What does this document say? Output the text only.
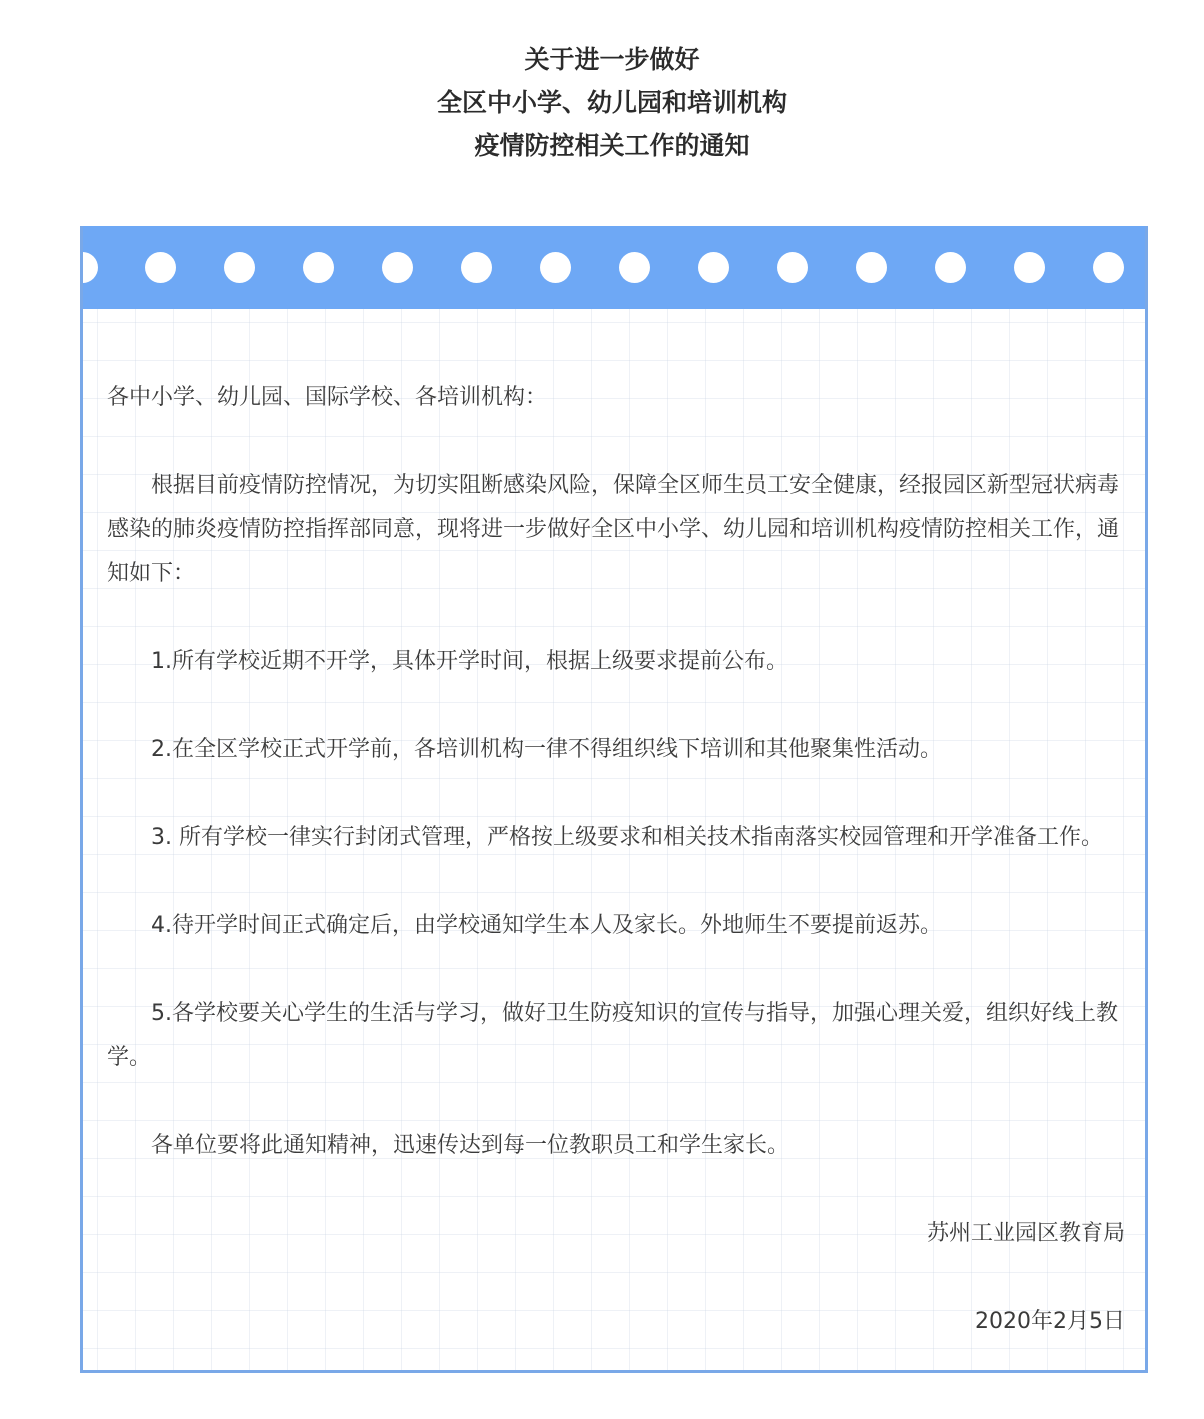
关于进一步做好
全区中小学、幼儿园和培训机构
疫情防控相关工作的通知

各中小学、幼儿园、国际学校、各培训机构：

根据目前疫情防控情况，为切实阻断感染风险，保障全区师生员工安全健康，经报园区新型冠状病毒感染的肺炎疫情防控指挥部同意，现将进一步做好全区中小学、幼儿园和培训机构疫情防控相关工作，通知如下：

1.所有学校近期不开学，具体开学时间，根据上级要求提前公布。

2.在全区学校正式开学前，各培训机构一律不得组织线下培训和其他聚集性活动。

3. 所有学校一律实行封闭式管理，严格按上级要求和相关技术指南落实校园管理和开学准备工作。

4.待开学时间正式确定后，由学校通知学生本人及家长。外地师生不要提前返苏。

5.各学校要关心学生的生活与学习，做好卫生防疫知识的宣传与指导，加强心理关爱，组织好线上教学。

各单位要将此通知精神，迅速传达到每一位教职员工和学生家长。

苏州工业园区教育局

2020年2月5日
